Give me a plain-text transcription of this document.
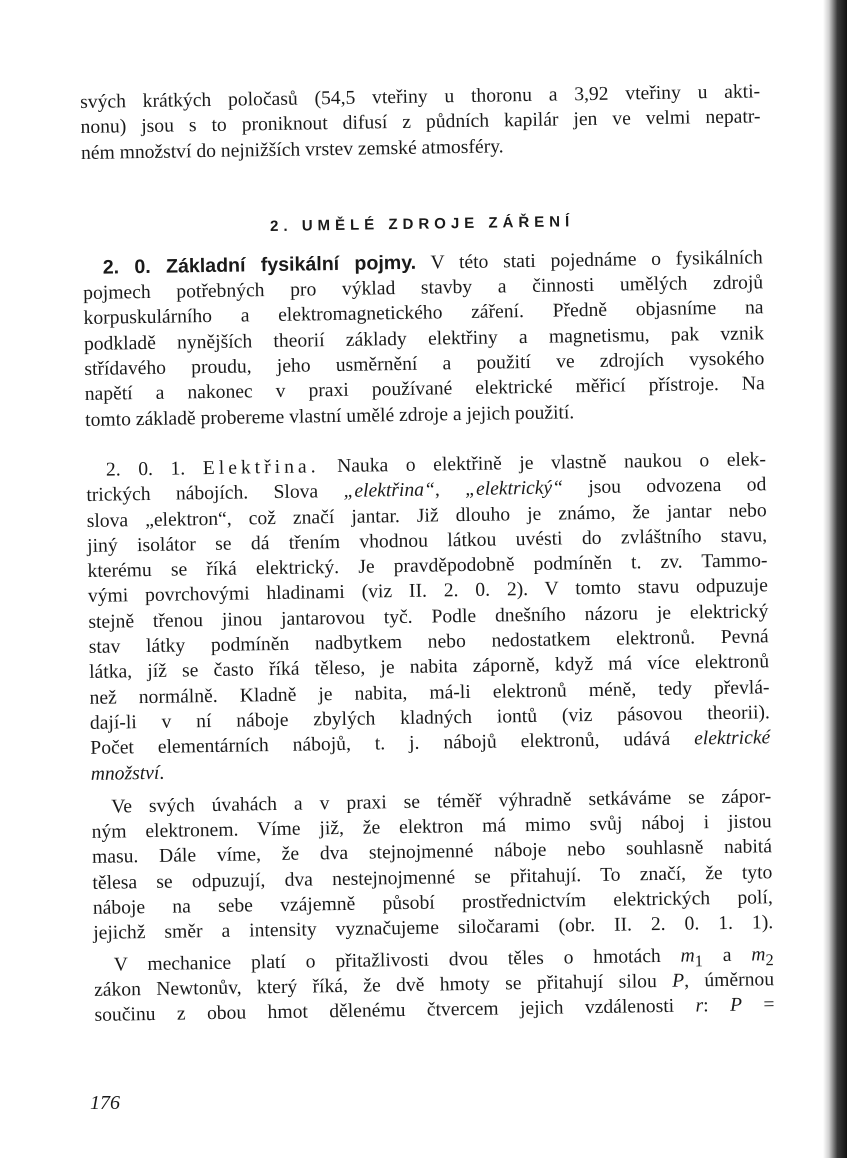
svých krátkých poločasů (54,5 vteřiny u thoronu a 3,92 vteřiny u akti-
nonu) jsou s to proniknout difusí z půdních kapilár jen ve velmi nepatr-
ném množství do nejnižších vrstev zemské atmosféry.
2. UMĚLÉ ZDROJE ZÁŘENÍ
2. 0. Základní fysikální pojmy. V této stati pojednáme o fysikálních
pojmech potřebných pro výklad stavby a činnosti umělých zdrojů
korpuskulárního a elektromagnetického záření. Předně objasníme na
podkladě nynějších theorií základy elektřiny a magnetismu, pak vznik
střídavého proudu, jeho usměrnění a použití ve zdrojích vysokého
napětí a nakonec v praxi používané elektrické měřicí přístroje. Na
tomto základě probereme vlastní umělé zdroje a jejich použití.
2. 0. 1. Elektřina. Nauka o elektřině je vlastně naukou o elek-
trických nábojích. Slova „elektřina“, „elektrický“ jsou odvozena od
slova „elektron“, což značí jantar. Již dlouho je známo, že jantar nebo
jiný isolátor se dá třením vhodnou látkou uvésti do zvláštního stavu,
kterému se říká elektrický. Je pravděpodobně podmíněn t. zv. Tammo-
vými povrchovými hladinami (viz II. 2. 0. 2). V tomto stavu odpuzuje
stejně třenou jinou jantarovou tyč. Podle dnešního názoru je elektrický
stav látky podmíněn nadbytkem nebo nedostatkem elektronů. Pevná
látka, jíž se často říká těleso, je nabita záporně, když má více elektronů
než normálně. Kladně je nabita, má-li elektronů méně, tedy převlá-
dají-li v ní náboje zbylých kladných iontů (viz pásovou theorii).
Počet elementárních nábojů, t. j. nábojů elektronů, udává elektrické
množství.
Ve svých úvahách a v praxi se téměř výhradně setkáváme se zápor-
ným elektronem. Víme již, že elektron má mimo svůj náboj i jistou
masu. Dále víme, že dva stejnojmenné náboje nebo souhlasně nabitá
tělesa se odpuzují, dva nestejnojmenné se přitahují. To značí, že tyto
náboje na sebe vzájemně působí prostřednictvím elektrických polí,
jejichž směr a intensity vyznačujeme siločarami (obr. II. 2. 0. 1. 1).
V mechanice platí o přitažlivosti dvou těles o hmotách $m_1$ a $m_2$
zákon Newtonův, který říká, že dvě hmoty se přitahují silou P, úměrnou
součinu z obou hmot dělenému čtvercem jejich vzdálenosti r: P =
176
